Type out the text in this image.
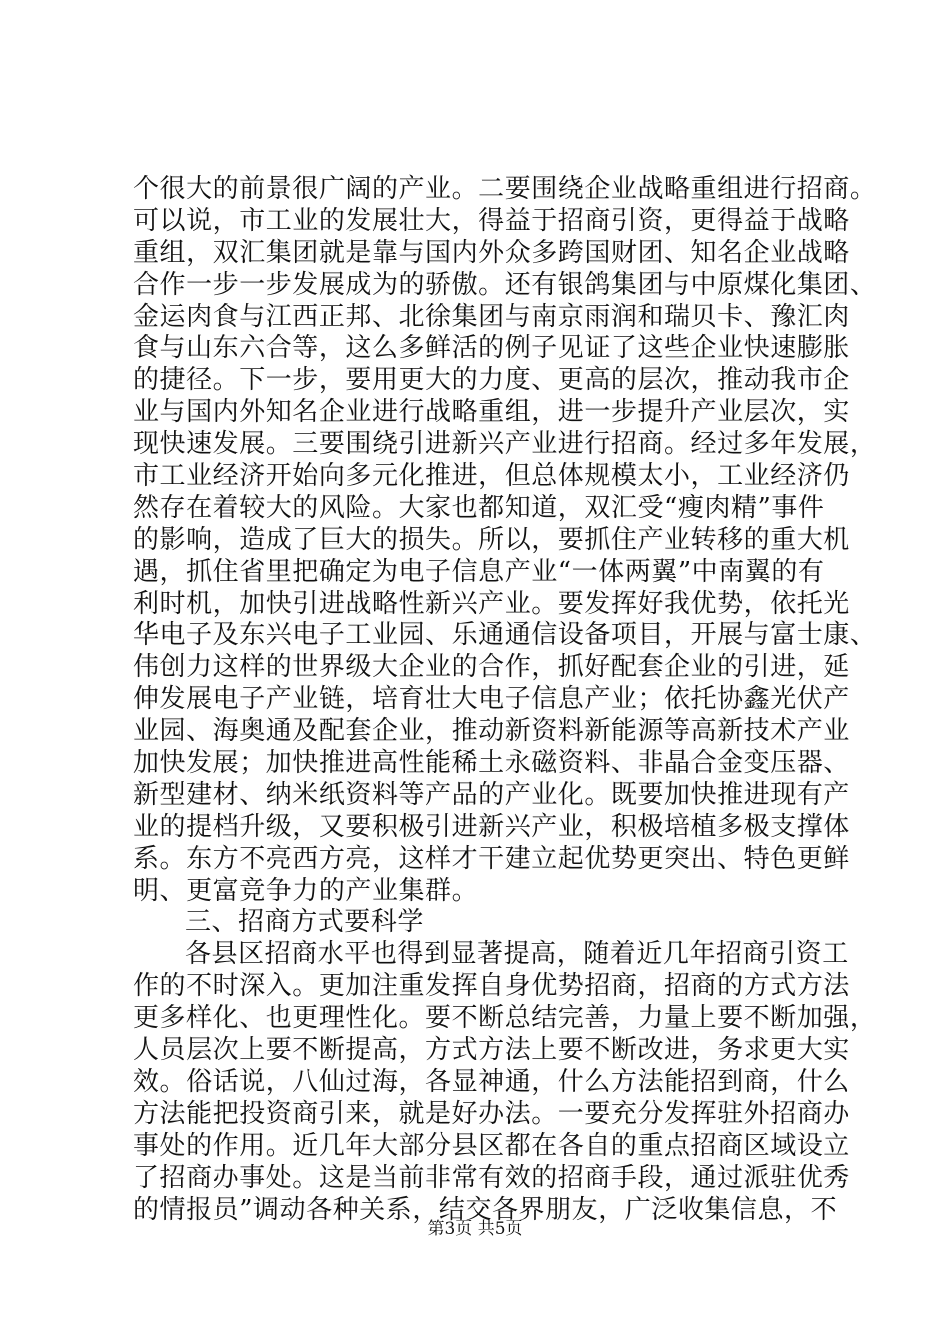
个很大的前景很广阔的产业。二要围绕企业战略重组进行招商。
可以说，市工业的发展壮大，得益于招商引资，更得益于战略
重组，双汇集团就是靠与国内外众多跨国财团、知名企业战略
合作一步一步发展成为的骄傲。还有银鸽集团与中原煤化集团、
金运肉食与江西正邦、北徐集团与南京雨润和瑞贝卡、豫汇肉
食与山东六合等，这么多鲜活的例子见证了这些企业快速膨胀
的捷径。下一步，要用更大的力度、更高的层次，推动我市企
业与国内外知名企业进行战略重组，进一步提升产业层次，实
现快速发展。三要围绕引进新兴产业进行招商。经过多年发展，
市工业经济开始向多元化推进，但总体规模太小，工业经济仍
然存在着较大的风险。大家也都知道，双汇受“瘦肉精”事件
的影响，造成了巨大的损失。所以，要抓住产业转移的重大机
遇，抓住省里把确定为电子信息产业“一体两翼”中南翼的有
利时机，加快引进战略性新兴产业。要发挥好我优势，依托光
华电子及东兴电子工业园、乐通通信设备项目，开展与富士康、
伟创力这样的世界级大企业的合作，抓好配套企业的引进，延
伸发展电子产业链，培育壮大电子信息产业；依托协鑫光伏产
业园、海奥通及配套企业，推动新资料新能源等高新技术产业
加快发展；加快推进高性能稀土永磁资料、非晶合金变压器、
新型建材、纳米纸资料等产品的产业化。既要加快推进现有产
业的提档升级，又要积极引进新兴产业，积极培植多极支撑体
系。东方不亮西方亮，这样才干建立起优势更突出、特色更鲜
明、更富竞争力的产业集群。
三、招商方式要科学
各县区招商水平也得到显著提高，随着近几年招商引资工
作的不时深入。更加注重发挥自身优势招商，招商的方式方法
更多样化、也更理性化。要不断总结完善，力量上要不断加强，
人员层次上要不断提高，方式方法上要不断改进，务求更大实
效。俗话说，八仙过海，各显神通，什么方法能招到商，什么
方法能把投资商引来，就是好办法。一要充分发挥驻外招商办
事处的作用。近几年大部分县区都在各自的重点招商区域设立
了招商办事处。这是当前非常有效的招商手段，通过派驻优秀
的情报员”调动各种关系，结交各界朋友，广泛收集信息，不
第3页 共5页
